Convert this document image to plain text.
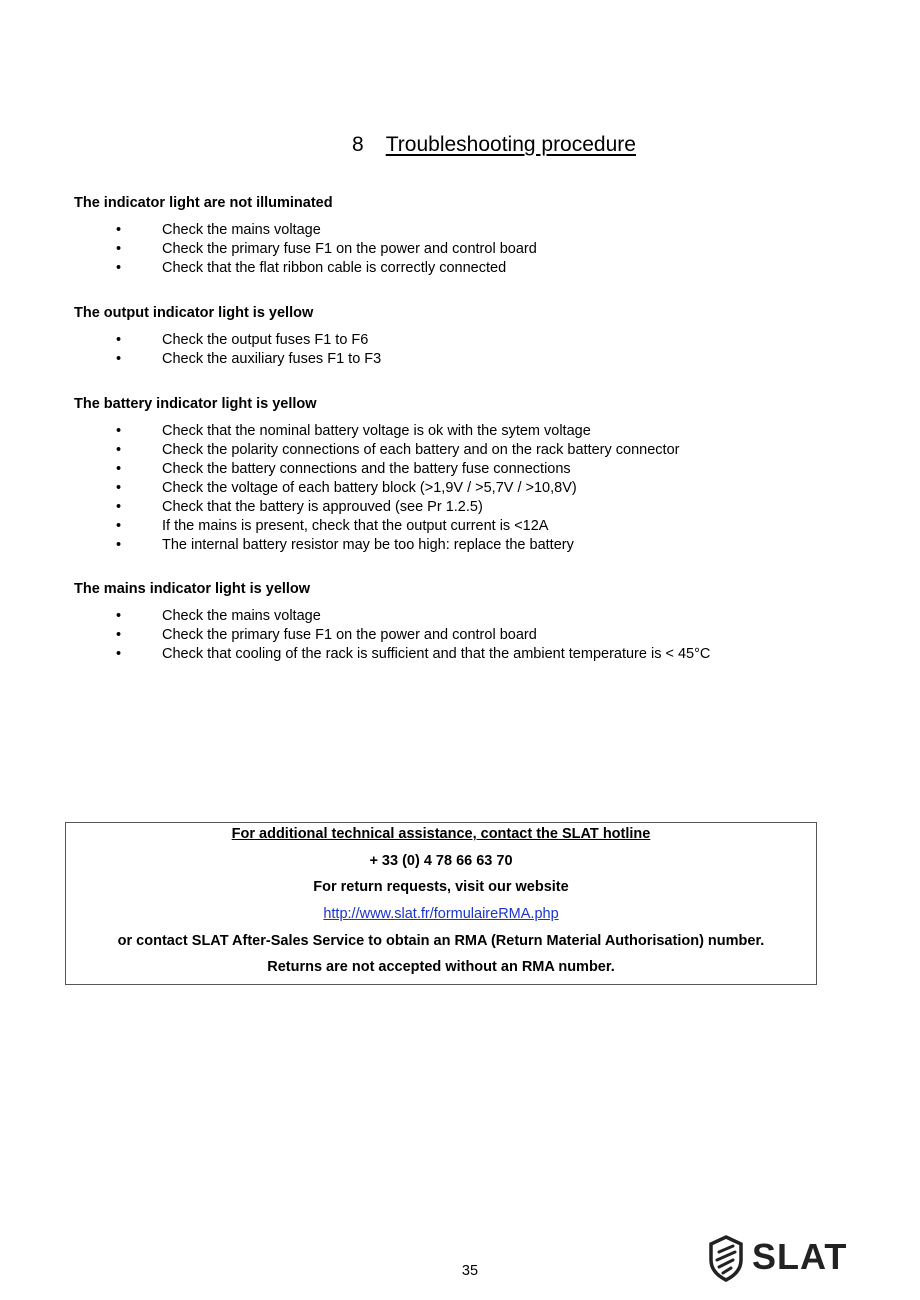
8 Troubleshooting procedure

The indicator light are not illuminated

•	Check the mains voltage
•	Check the primary fuse F1 on the power and control board
•	Check that the flat ribbon cable is correctly connected

The output indicator light is yellow

•	Check the output fuses F1 to F6
•	Check the auxiliary fuses F1 to F3

The battery indicator light is yellow

•	Check that the nominal battery voltage is ok with the sytem voltage
•	Check the polarity connections of each battery and on the rack battery connector
•	Check the battery connections and the battery fuse connections
•	Check the voltage of each battery block (>1,9V / >5,7V / >10,8V)
•	Check that the battery is approuved (see Pr 1.2.5)
•	If the mains is present, check that the output current is <12A
•	The internal battery resistor may be too high: replace the battery

The mains indicator light is yellow

•	Check the mains voltage
•	Check the primary fuse F1 on the power and control board
•	Check that cooling of the rack is sufficient and that the ambient temperature is < 45°C
For additional technical assistance, contact the SLAT hotline
+ 33 (0) 4 78 66 63 70
For return requests, visit our website
http://www.slat.fr/formulaireRMA.php
or contact SLAT After-Sales Service to obtain an RMA (Return Material Authorisation) number.
Returns are not accepted without an RMA number.
35	SLAT
